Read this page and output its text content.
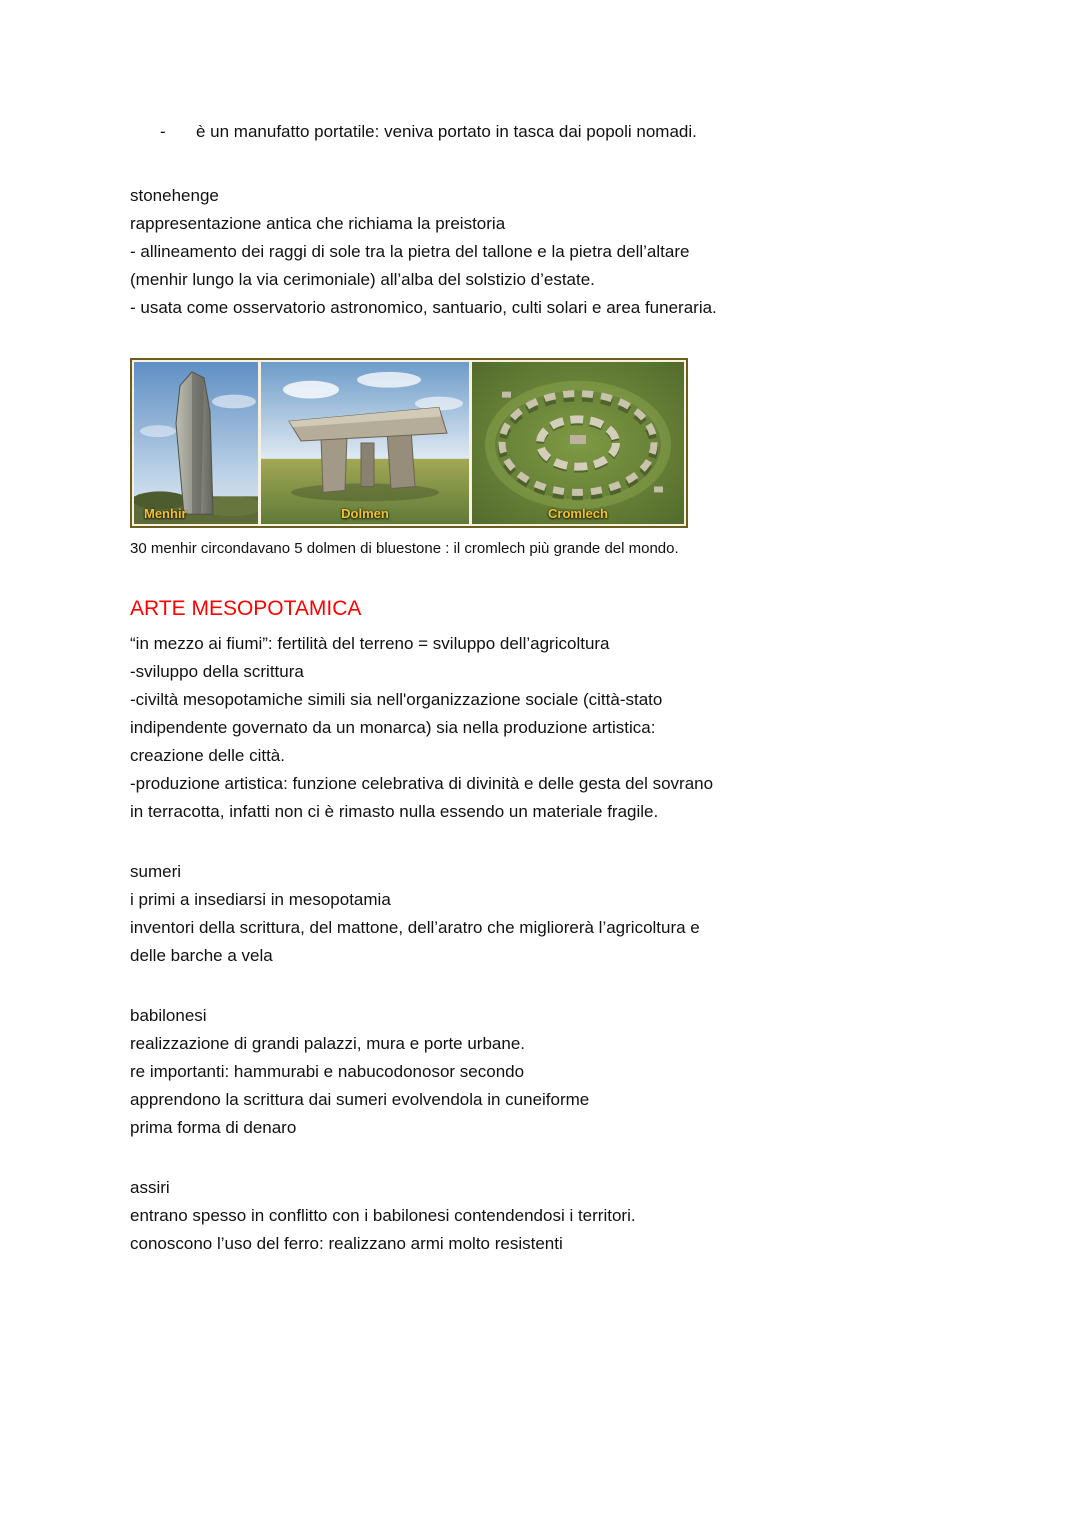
-	è un manufatto portatile: veniva portato in tasca dai popoli nomadi.

stonehenge

rappresentazione antica che richiama la preistoria

- allineamento dei raggi di sole tra la pietra del tallone e la pietra dell’altare

(menhir lungo la via cerimoniale) all’alba del solstizio d’estate.

- usata come osservatorio astronomico, santuario, culti solari e area funeraria.

Menhir	Dolmen	Cromlech

30 menhir circondavano 5 dolmen di bluestone : il cromlech più grande del mondo.

ARTE MESOPOTAMICA

“in mezzo ai fiumi”: fertilità del terreno = sviluppo dell’agricoltura

-sviluppo della scrittura

-civiltà mesopotamiche simili sia nell'organizzazione sociale (città-stato

indipendente governato da un monarca) sia nella produzione artistica:

creazione delle città.

-produzione artistica: funzione celebrativa di divinità e delle gesta del sovrano

in terracotta, infatti non ci è rimasto nulla essendo un materiale fragile.

sumeri

i primi a insediarsi in mesopotamia

inventori della scrittura, del mattone, dell’aratro che migliorerà l’agricoltura e

delle barche a vela

babilonesi

realizzazione di grandi palazzi, mura e porte urbane.

re importanti: hammurabi e nabucodonosor secondo

apprendono la scrittura dai sumeri evolvendola in cuneiforme

prima forma di denaro

assiri

entrano spesso in conflitto con i babilonesi contendendosi i territori.

conoscono l’uso del ferro: realizzano armi molto resistenti
